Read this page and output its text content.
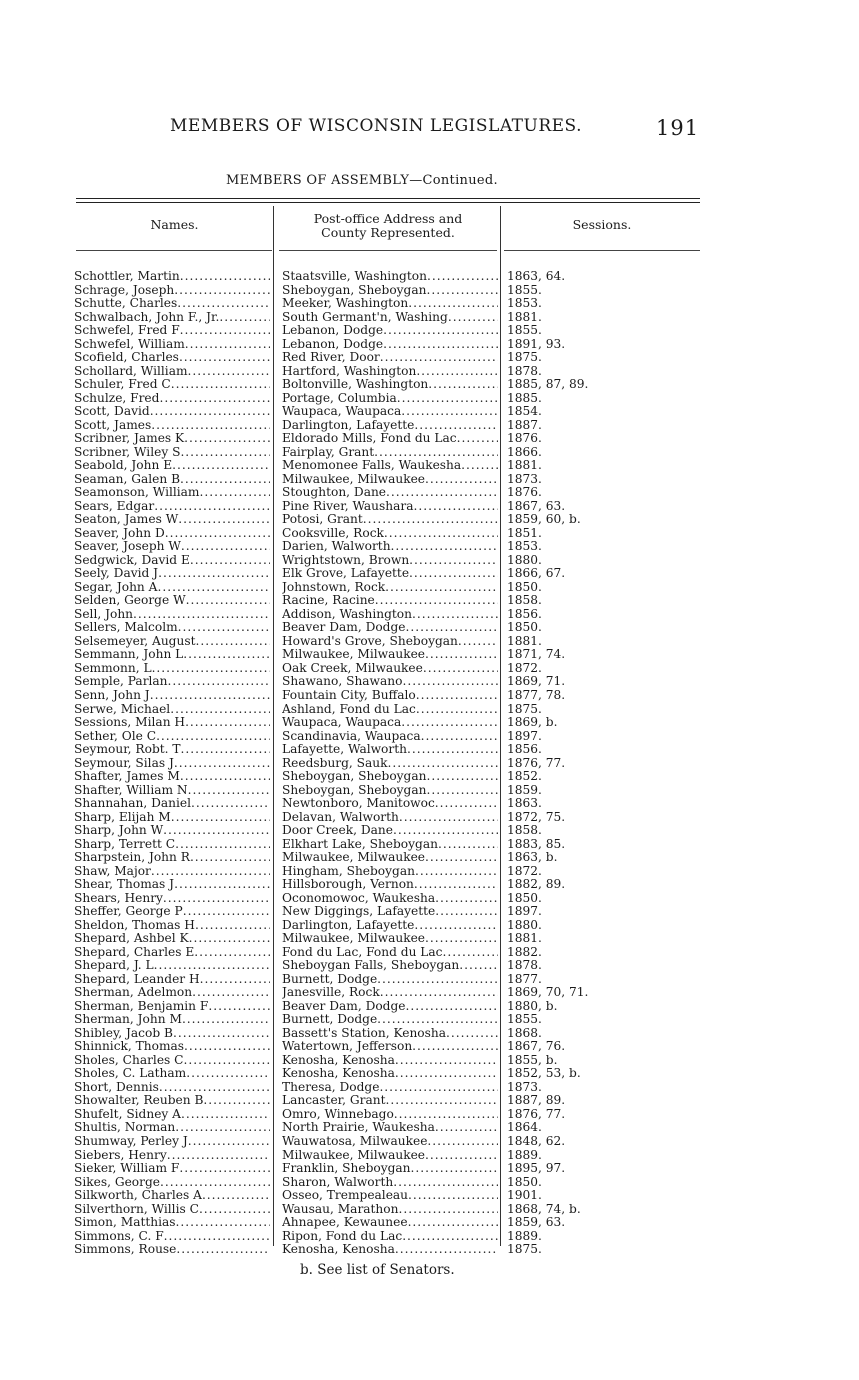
MEMBERS OF WISCONSIN LEGISLATURES.	191
MEMBERS OF ASSEMBLY—Continued.
Names.	Post-office Address and
County Represented.
Sessions.
Schottler, Martin .....	Staatsville, Washington .....	1863, 64.
Schrage, Joseph .....	Sheboygan, Sheboygan .....	1855.
Schutte, Charles .....	Meeker, Washington .....	1853.
Schwalbach, John F., Jr. .....	South Germant'n, Washing .....	1881.
Schwefel, Fred F .....	Lebanon, Dodge .....	1855.
Schwefel, William .....	Lebanon, Dodge .....	1891, 93.
Scofield, Charles .....	Red River, Door .....	1875.
Schollard, William .....	Hartford, Washington .....	1878.
Schuler, Fred C .....	Boltonville, Washington .....	1885, 87, 89.
Schulze, Fred .....	Portage, Columbia .....	1885.
Scott, David .....	Waupaca, Waupaca .....	1854.
Scott, James .....	Darlington, Lafayette .....	1887.
Scribner, James K .....	Eldorado Mills, Fond du Lac .....	1876.
Scribner, Wiley S .....	Fairplay, Grant .....	1866.
Seabold, John E .....	Menomonee Falls, Waukesha .....	1881.
Seaman, Galen B .....	Milwaukee, Milwaukee .....	1873.
Seamonson, William .....	Stoughton, Dane .....	1876.
Sears, Edgar .....	Pine River, Waushara .....	1867, 63.
Seaton, James W .....	Potosi, Grant .....	1859, 60, b.
Seaver, John D .....	Cooksville, Rock .....	1851.
Seaver, Joseph W .....	Darien, Walworth .....	1853.
Sedgwick, David E .....	Wrightstown, Brown .....	1880.
Seely, David J .....	Elk Grove, Lafayette .....	1866, 67.
Segar, John A .....	Johnstown, Rock .....	1850.
Selden, George W .....	Racine, Racine .....	1858.
Sell, John .....	Addison, Washington .....	1856.
Sellers, Malcolm .....	Beaver Dam, Dodge .....	1850.
Selsemeyer, August .....	Howard's Grove, Sheboygan .....	1881.
Semmann, John L .....	Milwaukee, Milwaukee .....	1871, 74.
Semmonn, L .....	Oak Creek, Milwaukee .....	1872.
Semple, Parlan .....	Shawano, Shawano .....	1869, 71.
Senn, John J .....	Fountain City, Buffalo .....	1877, 78.
Serwe, Michael .....	Ashland, Fond du Lac .....	1875.
Sessions, Milan H .....	Waupaca, Waupaca .....	1869, b.
Sether, Ole C .....	Scandinavia, Waupaca .....	1897.
Seymour, Robt. T .....	Lafayette, Walworth .....	1856.
Seymour, Silas J .....	Reedsburg, Sauk .....	1876, 77.
Shafter, James M .....	Sheboygan, Sheboygan .....	1852.
Shafter, William N .....	Sheboygan, Sheboygan .....	1859.
Shannahan, Daniel .....	Newtonboro, Manitowoc .....	1863.
Sharp, Elijah M .....	Delavan, Walworth .....	1872, 75.
Sharp, John W .....	Door Creek, Dane .....	1858.
Sharp, Terrett C .....	Elkhart Lake, Sheboygan .....	1883, 85.
Sharpstein, John R .....	Milwaukee, Milwaukee .....	1863, b.
Shaw, Major .....	Hingham, Sheboygan .....	1872.
Shear, Thomas J .....	Hillsborough, Vernon .....	1882, 89.
Shears, Henry .....	Oconomowoc, Waukesha .....	1850.
Sheffer, George P .....	New Diggings, Lafayette .....	1897.
Sheldon, Thomas H .....	Darlington, Lafayette .....	1880.
Shepard, Ashbel K .....	Milwaukee, Milwaukee .....	1881.
Shepard, Charles E .....	Fond du Lac, Fond du Lac .....	1882.
Shepard, J. L .....	Sheboygan Falls, Sheboygan .....	1878.
Shepard, Leander H .....	Burnett, Dodge .....	1877.
Sherman, Adelmon .....	Janesville, Rock .....	1869, 70, 71.
Sherman, Benjamin F .....	Beaver Dam, Dodge .....	1880, b.
Sherman, John M .....	Burnett, Dodge .....	1855.
Shibley, Jacob B .....	Bassett's Station, Kenosha .....	1868.
Shinnick, Thomas .....	Watertown, Jefferson .....	1867, 76.
Sholes, Charles C .....	Kenosha, Kenosha .....	1855, b.
Sholes, C. Latham .....	Kenosha, Kenosha .....	1852, 53, b.
Short, Dennis .....	Theresa, Dodge .....	1873.
Showalter, Reuben B .....	Lancaster, Grant .....	1887, 89.
Shufelt, Sidney A .....	Omro, Winnebago .....	1876, 77.
Shultis, Norman .....	North Prairie, Waukesha .....	1864.
Shumway, Perley J .....	Wauwatosa, Milwaukee .....	1848, 62.
Siebers, Henry .....	Milwaukee, Milwaukee .....	1889.
Sieker, William F .....	Franklin, Sheboygan .....	1895, 97.
Sikes, George .....	Sharon, Walworth .....	1850.
Silkworth, Charles A .....	Osseo, Trempealeau .....	1901.
Silverthorn, Willis C .....	Wausau, Marathon .....	1868, 74, b.
Simon, Matthias .....	Ahnapee, Kewaunee .....	1859, 63.
Simmons, C. F .....	Ripon, Fond du Lac .....	1889.
Simmons, Rouse .....	Kenosha, Kenosha .....	1875.
b. See list of Senators.
